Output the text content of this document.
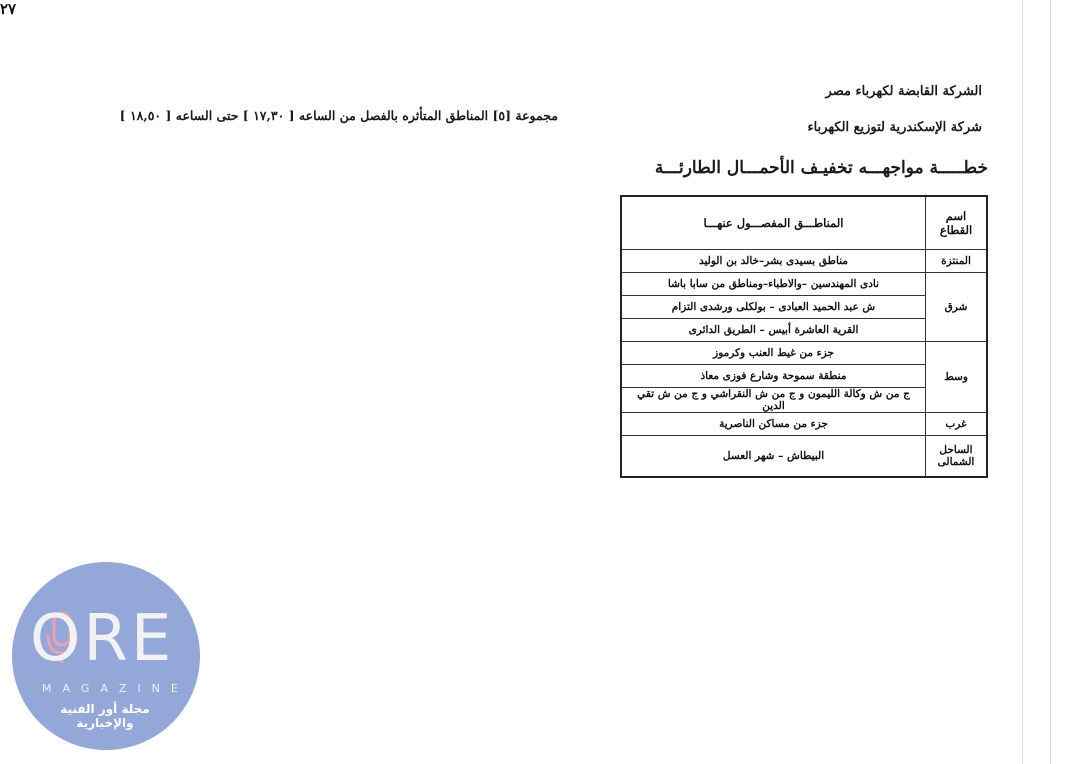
الشركة القابضة لكهرباء مصر
شركة الإسكندرية لتوزيع الكهرباء
خطـــــة مواجهـــه تخفيـف الأحمـــال الطارئـــة
مجموعة [٥] المناطق المتأثره بالفصل من الساعه [ ١٧,٣٠ ] حتى الساعه [ ١٨,٥٠ ]
اسم القطاع	المناطـــق المفصـــول عنهـــا
المنتزة	مناطق بسيدى بشر–خالد بن الوليد
شرق	نادى المهندسين –والاطباء–ومناطق من سابا باشا
	ش عبد الحميد العبادى – بولكلى ورشدى التزام
	القرية العاشرة أبيس – الطريق الدائرى
وسط	جزء من غيط العنب وكرموز
	منطقة سموحة وشارع فوزى معاذ
	ج من ش وكالة الليمون و ج من ش النقراشي و ج من ش تقي الدين
غرب	جزء من مساكن الناصرية
الساحل الشمالى	البيطاش – شهر العسل
٢٧
ORE
MAGAZINE
مجلة أور الفنية والإخبارية
